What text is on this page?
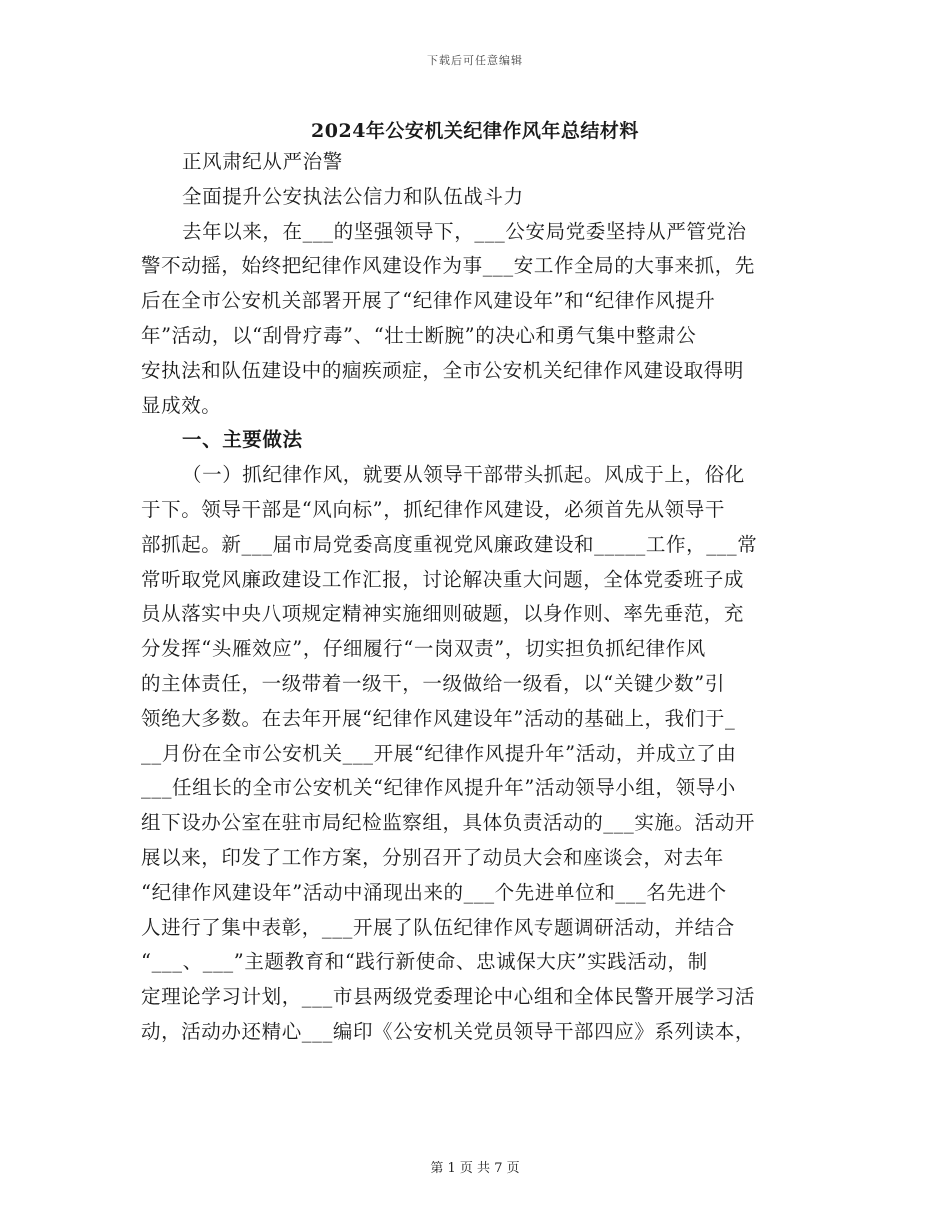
下载后可任意编辑
2024年公安机关纪律作风年总结材料
正风肃纪从严治警
全面提升公安执法公信力和队伍战斗力
去年以来，在___的坚强领导下，___公安局党委坚持从严管党治
警不动摇，始终把纪律作风建设作为事___安工作全局的大事来抓，先
后在全市公安机关部署开展了“纪律作风建设年”和“纪律作风提升
年”活动，以“刮骨疗毒”、“壮士断腕”的决心和勇气集中整肃公
安执法和队伍建设中的痼疾顽症，全市公安机关纪律作风建设取得明
显成效。
一、主要做法
（一）抓纪律作风，就要从领导干部带头抓起。风成于上，俗化
于下。领导干部是“风向标”，抓纪律作风建设，必须首先从领导干
部抓起。新___届市局党委高度重视党风廉政建设和_____工作，___常
常听取党风廉政建设工作汇报，讨论解决重大问题，全体党委班子成
员从落实中央八项规定精神实施细则破题，以身作则、率先垂范，充
分发挥“头雁效应”，仔细履行“一岗双责”，切实担负抓纪律作风
的主体责任，一级带着一级干，一级做给一级看，以“关键少数”引
领绝大多数。在去年开展“纪律作风建设年”活动的基础上，我们于_
__月份在全市公安机关___开展“纪律作风提升年”活动，并成立了由
___任组长的全市公安机关“纪律作风提升年”活动领导小组，领导小
组下设办公室在驻市局纪检监察组，具体负责活动的___实施。活动开
展以来，印发了工作方案，分别召开了动员大会和座谈会，对去年
“纪律作风建设年”活动中涌现出来的___个先进单位和___名先进个
人进行了集中表彰，___开展了队伍纪律作风专题调研活动，并结合
“___、___”主题教育和“践行新使命、忠诚保大庆”实践活动，制
定理论学习计划，___市县两级党委理论中心组和全体民警开展学习活
动，活动办还精心___编印《公安机关党员领导干部四应》系列读本，
第 1 页 共 7 页
